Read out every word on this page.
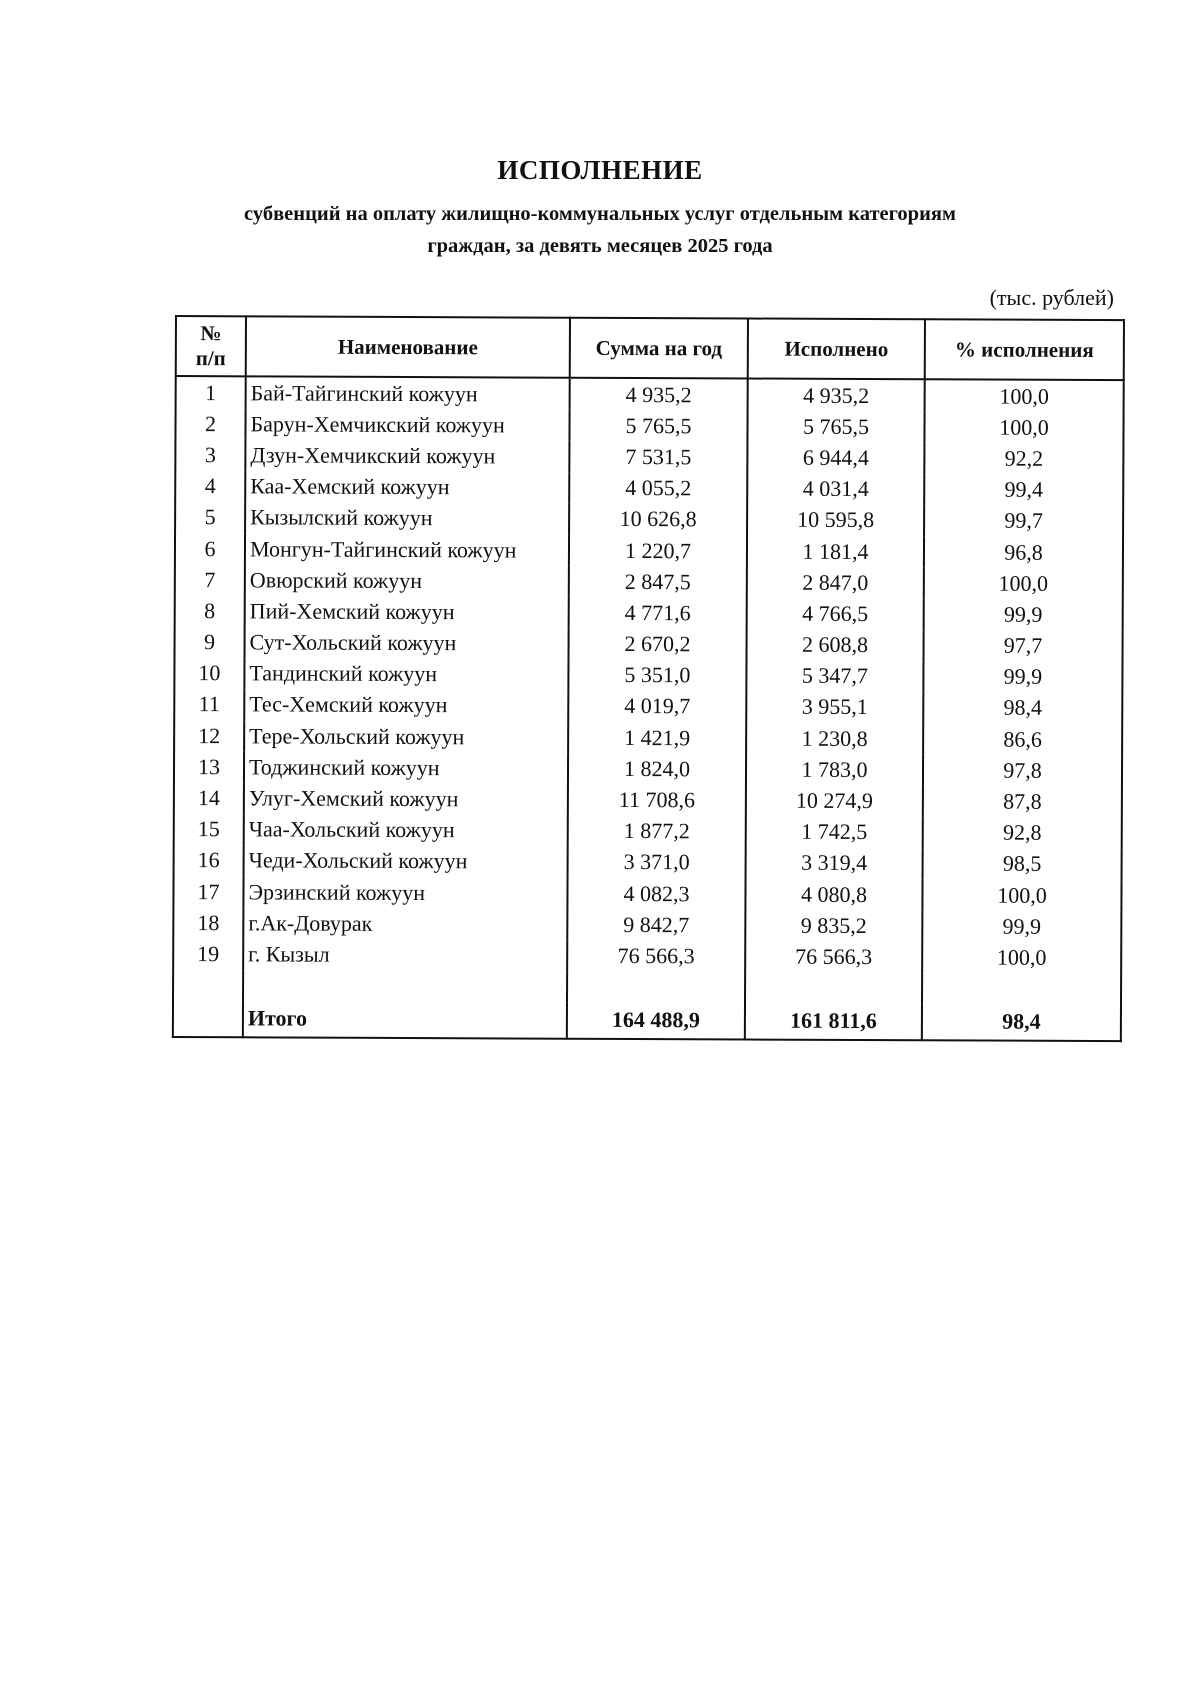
ИСПОЛНЕНИЕ
субвенций на оплату жилищно-коммунальных услуг отдельным категориям
граждан, за девять месяцев 2025 года
(тыс. рублей)
№
п/п	Наименование	Сумма на год	Исполнено	% исполнения
1	Бай-Тайгинский кожуун	4 935,2	4 935,2	100,0
2	Барун-Хемчикский кожуун	5 765,5	5 765,5	100,0
3	Дзун-Хемчикский кожуун	7 531,5	6 944,4	92,2
4	Каа-Хемский кожуун	4 055,2	4 031,4	99,4
5	Кызылский кожуун	10 626,8	10 595,8	99,7
6	Монгун-Тайгинский кожуун	1 220,7	1 181,4	96,8
7	Овюрский кожуун	2 847,5	2 847,0	100,0
8	Пий-Хемский кожуун	4 771,6	4 766,5	99,9
9	Сут-Хольский кожуун	2 670,2	2 608,8	97,7
10	Тандинский кожуун	5 351,0	5 347,7	99,9
11	Тес-Хемский кожуун	4 019,7	3 955,1	98,4
12	Тере-Хольский кожуун	1 421,9	1 230,8	86,6
13	Тоджинский кожуун	1 824,0	1 783,0	97,8
14	Улуг-Хемский кожуун	11 708,6	10 274,9	87,8
15	Чаа-Хольский кожуун	1 877,2	1 742,5	92,8
16	Чеди-Хольский кожуун	3 371,0	3 319,4	98,5
17	Эрзинский кожуун	4 082,3	4 080,8	100,0
18	г.Ак-Довурак	9 842,7	9 835,2	99,9
19	г. Кызыл	76 566,3	76 566,3	100,0

	Итого	164 488,9	161 811,6	98,4
